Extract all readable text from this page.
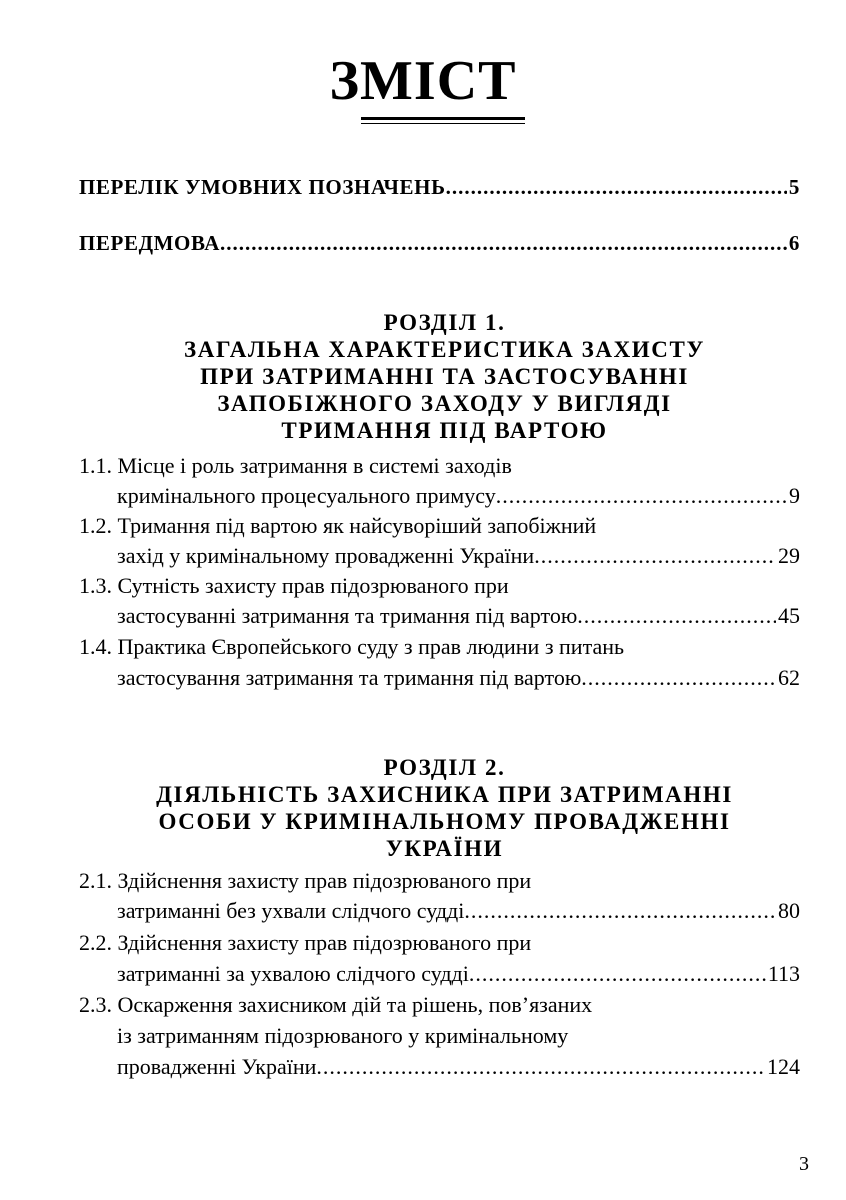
ЗМІСТ
ПЕРЕЛІК УМОВНИХ ПОЗНАЧЕНЬ .....	5
ПЕРЕДМОВА .....	6
РОЗДІЛ 1.
ЗАГАЛЬНА ХАРАКТЕРИСТИКА ЗАХИСТУ
ПРИ ЗАТРИМАННІ ТА ЗАСТОСУВАННІ
ЗАПОБІЖНОГО ЗАХОДУ У ВИГЛЯДІ
ТРИМАННЯ ПІД ВАРТОЮ
1.1. Місце і роль затримання в системі заходів
кримінального процесуального примусу .....	9
1.2. Тримання під вартою як найсуворіший запобіжний
захід у кримінальному провадженні України .....	29
1.3. Сутність захисту прав підозрюваного при
застосуванні затримання та тримання під вартою .....	45
1.4. Практика Європейського суду з прав людини з питань
застосування затримання та тримання під вартою .....	62
РОЗДІЛ 2.
ДІЯЛЬНІСТЬ ЗАХИСНИКА ПРИ ЗАТРИМАННІ
ОСОБИ У КРИМІНАЛЬНОМУ ПРОВАДЖЕННІ
УКРАЇНИ
2.1. Здійснення захисту прав підозрюваного при
затриманні без ухвали слідчого судді .....	80
2.2. Здійснення захисту прав підозрюваного при
затриманні за ухвалою слідчого судді .....	113
2.3. Оскарження захисником дій та рішень, пов’язаних
із затриманням підозрюваного у кримінальному
провадженні України .....	124
3
